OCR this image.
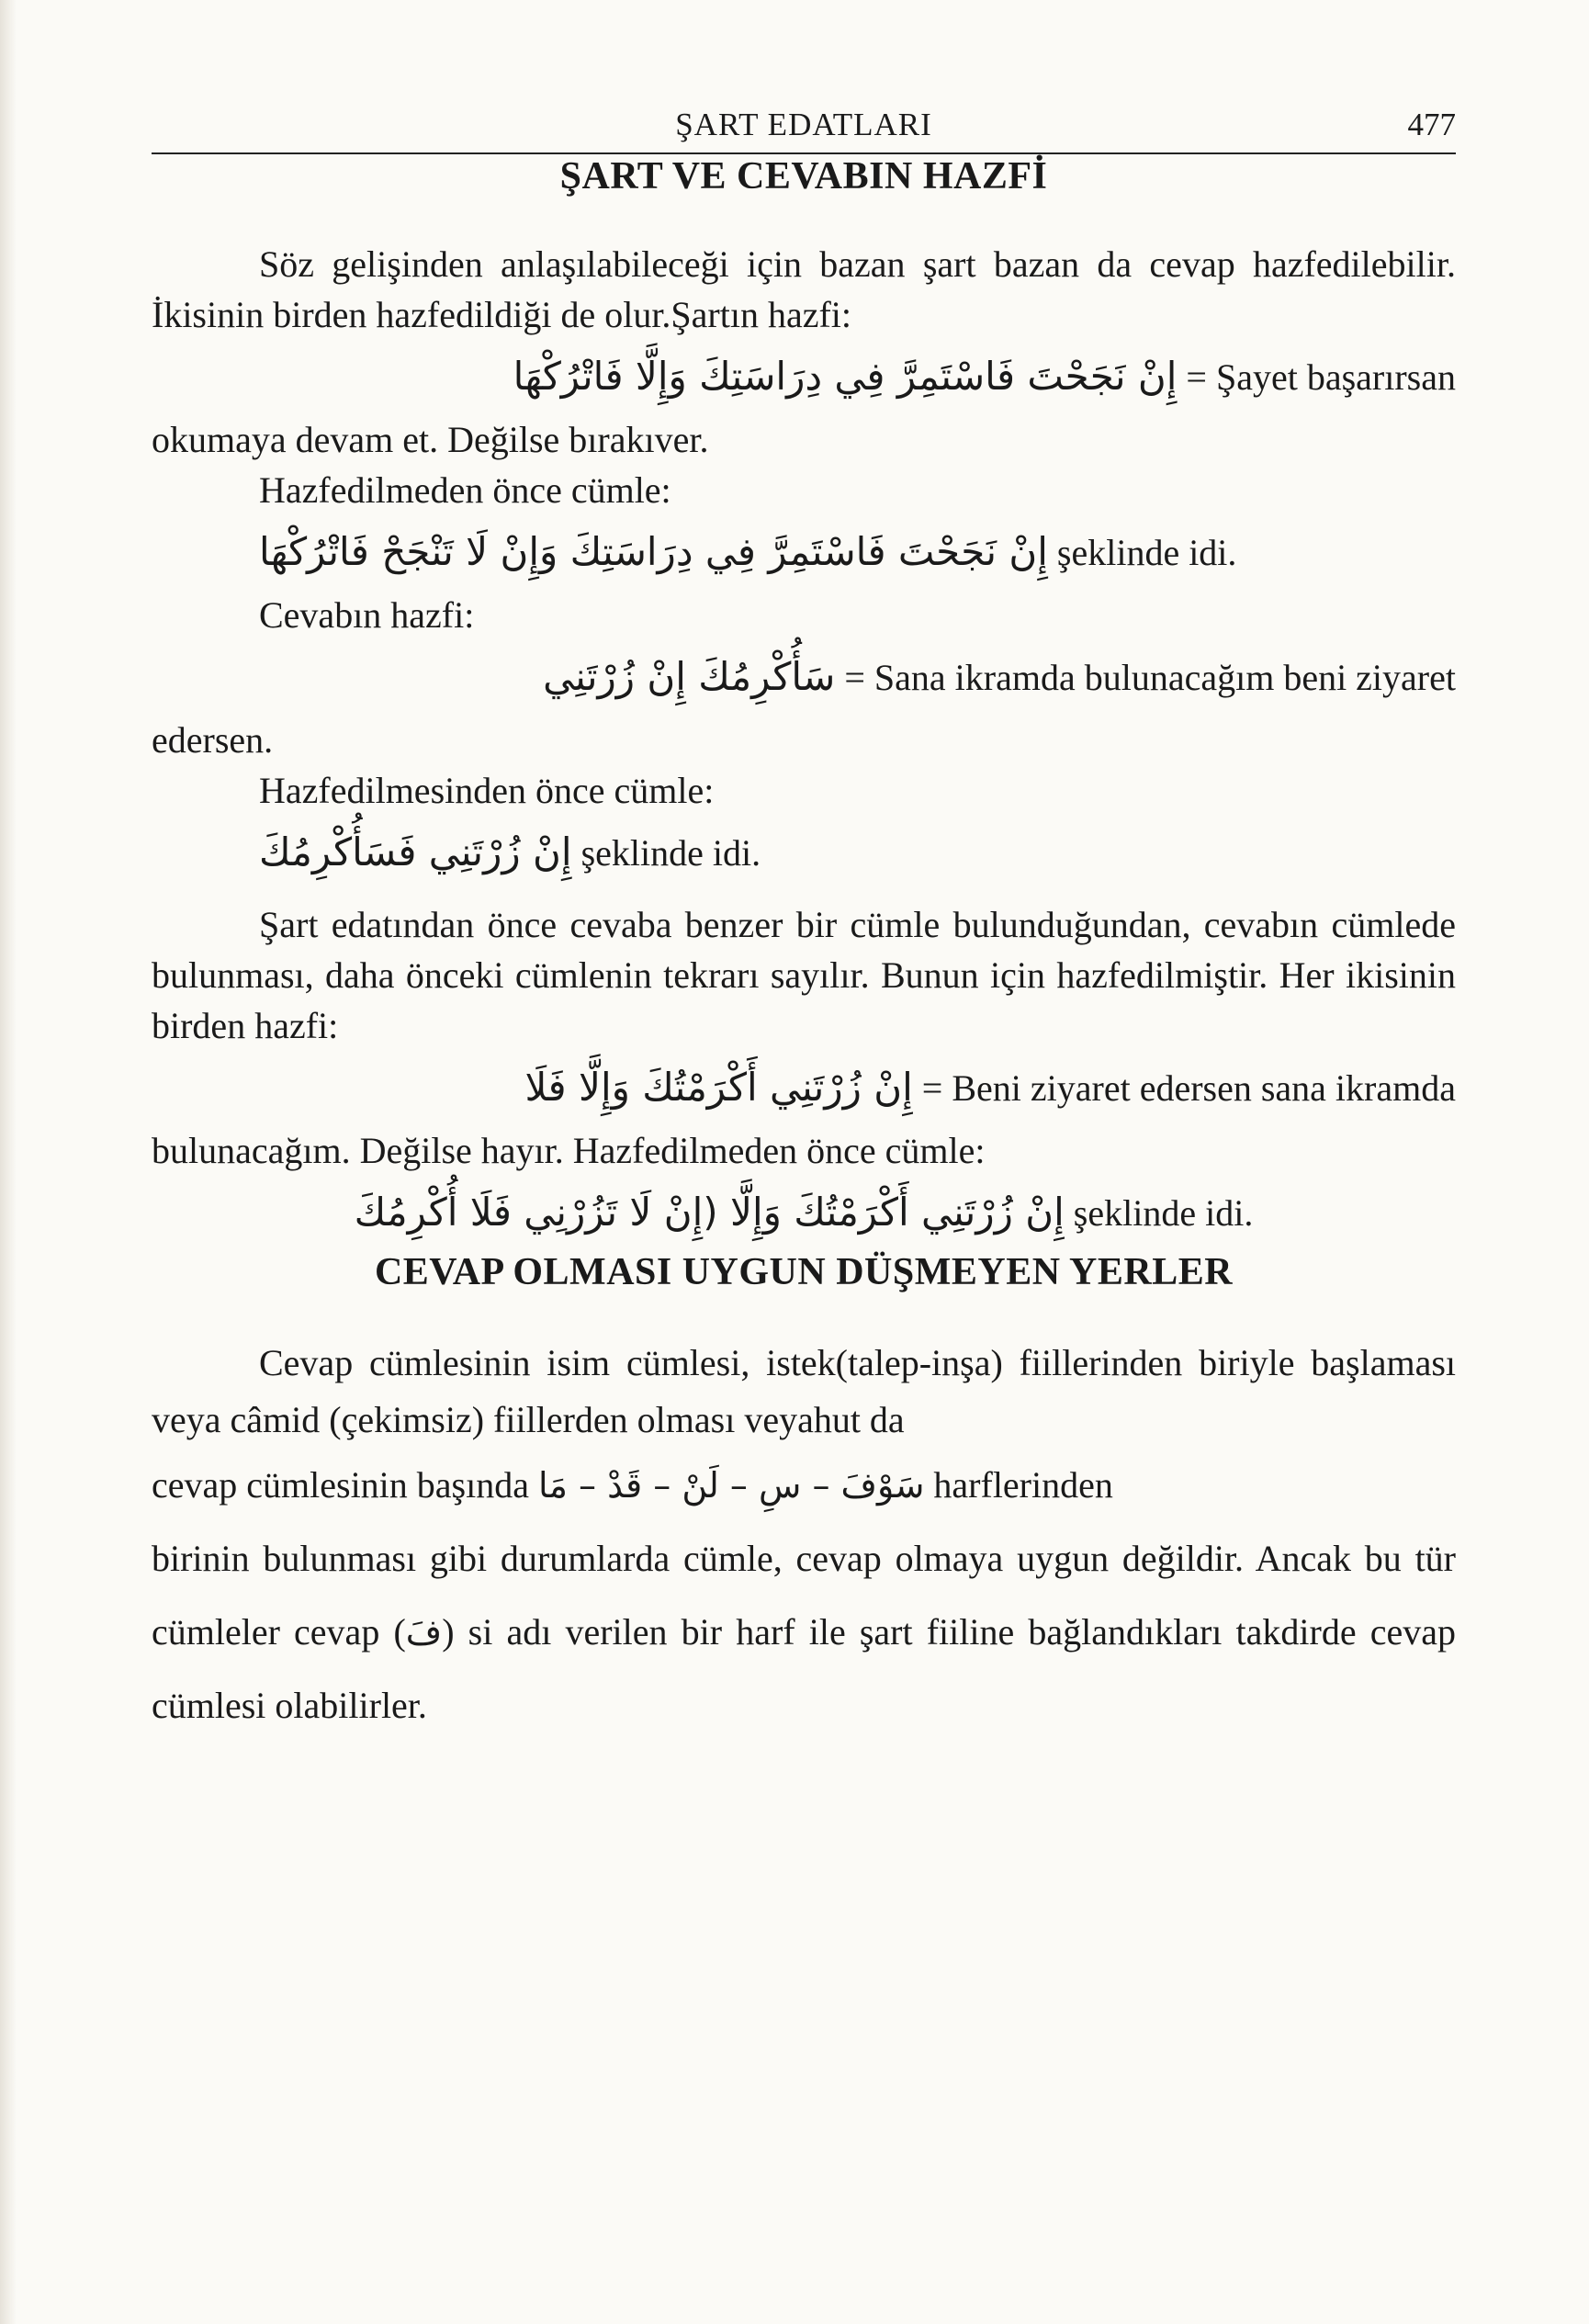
ŞART EDATLARI	477
ŞART VE CEVABIN HAZFİ

Söz gelişinden anlaşılabileceği için bazan şart bazan da cevap hazfedilebilir. İkisinin birden hazfedildiği de olur.Şartın hazfi:

إِنْ نَجَحْتَ فَاسْتَمِرَّ فِي دِرَاسَتِكَ وَإِلَّا فَاتْرُكْهَا = Şayet başarırsan

okumaya devam et. Değilse bırakıver.

Hazfedilmeden önce cümle:

إِنْ نَجَحْتَ فَاسْتَمِرَّ فِي دِرَاسَتِكَ وَإِنْ لَا تَنْجَحْ فَاتْرُكْهَا şeklinde idi.

Cevabın hazfi:

سَأُكْرِمُكَ إِنْ زُرْتَنِي = Sana ikramda bulunacağım beni ziyaret

edersen.

Hazfedilmesinden önce cümle:

إِنْ زُرْتَنِي فَسَأُكْرِمُكَ şeklinde idi.

Şart edatından önce cevaba benzer bir cümle bulunduğundan, cevabın cümlede bulunması, daha önceki cümlenin tekrarı sayılır. Bunun için hazfedilmiştir. Her ikisinin birden hazfi:

إِنْ زُرْتَنِي أَكْرَمْتُكَ وَإِلَّا فَلَا = Beni ziyaret edersen sana ikramda

bulunacağım. Değilse hayır. Hazfedilmeden önce cümle:

إِنْ زُرْتَنِي أَكْرَمْتُكَ وَإِلَّا (إِنْ لَا تَزُرْنِي فَلَا أُكْرِمُكَ şeklinde idi.
CEVAP OLMASI UYGUN DÜŞMEYEN YERLER

Cevap cümlesinin isim cümlesi, istek(talep-inşa) fiillerinden biriyle başlaması veya câmid (çekimsiz) fiillerden olması veyahut da

cevap cümlesinin başında سَوْفَ – سِ – لَنْ – قَدْ – مَا harflerinden

birinin bulunması gibi durumlarda cümle, cevap olmaya uygun değildir. Ancak bu tür cümleler cevap (فَ) si adı verilen bir harf ile şart fiiline bağlandıkları takdirde cevap cümlesi olabilirler.
